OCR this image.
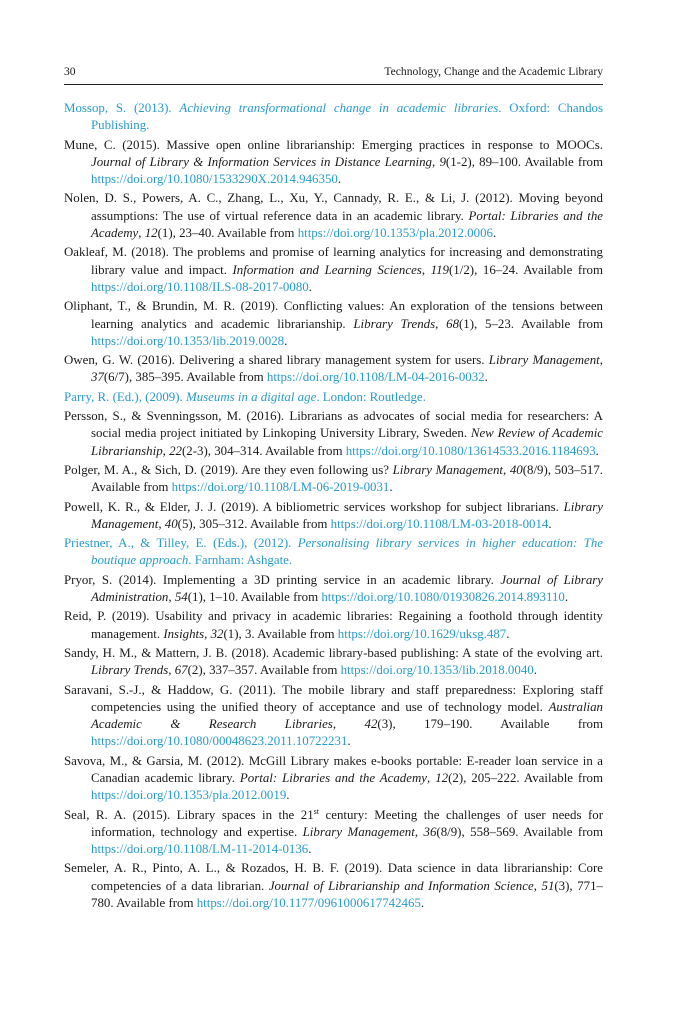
30	Technology, Change and the Academic Library

Mossop, S. (2013). Achieving transformational change in academic libraries. Oxford: Chandos Publishing.

Mune, C. (2015). Massive open online librarianship: Emerging practices in response to MOOCs. Journal of Library & Information Services in Distance Learning, 9(1-2), 89–100. Available from https://doi.org/10.1080/1533290X.2014.946350.

Nolen, D. S., Powers, A. C., Zhang, L., Xu, Y., Cannady, R. E., & Li, J. (2012). Moving beyond assumptions: The use of virtual reference data in an academic library. Portal: Libraries and the Academy, 12(1), 23–40. Available from https://doi.org/10.1353/pla.2012.0006.

Oakleaf, M. (2018). The problems and promise of learning analytics for increasing and demonstrating library value and impact. Information and Learning Sciences, 119(1/2), 16–24. Available from https://doi.org/10.1108/ILS-08-2017-0080.

Oliphant, T., & Brundin, M. R. (2019). Conflicting values: An exploration of the tensions between learning analytics and academic librarianship. Library Trends, 68(1), 5–23. Available from https://doi.org/10.1353/lib.2019.0028.

Owen, G. W. (2016). Delivering a shared library management system for users. Library Management, 37(6/7), 385–395. Available from https://doi.org/10.1108/LM-04-2016-0032.

Parry, R. (Ed.), (2009). Museums in a digital age. London: Routledge.

Persson, S., & Svenningsson, M. (2016). Librarians as advocates of social media for researchers: A social media project initiated by Linkoping University Library, Sweden. New Review of Academic Librarianship, 22(2-3), 304–314. Available from https://doi.org/10.1080/13614533.2016.1184693.

Polger, M. A., & Sich, D. (2019). Are they even following us? Library Management, 40(8/9), 503–517. Available from https://doi.org/10.1108/LM-06-2019-0031.

Powell, K. R., & Elder, J. J. (2019). A bibliometric services workshop for subject librarians. Library Management, 40(5), 305–312. Available from https://doi.org/10.1108/LM-03-2018-0014.

Priestner, A., & Tilley, E. (Eds.), (2012). Personalising library services in higher education: The boutique approach. Farnham: Ashgate.

Pryor, S. (2014). Implementing a 3D printing service in an academic library. Journal of Library Administration, 54(1), 1–10. Available from https://doi.org/10.1080/01930826.2014.893110.

Reid, P. (2019). Usability and privacy in academic libraries: Regaining a foothold through identity management. Insights, 32(1), 3. Available from https://doi.org/10.1629/uksg.487.

Sandy, H. M., & Mattern, J. B. (2018). Academic library-based publishing: A state of the evolving art. Library Trends, 67(2), 337–357. Available from https://doi.org/10.1353/lib.2018.0040.

Saravani, S.-J., & Haddow, G. (2011). The mobile library and staff preparedness: Exploring staff competencies using the unified theory of acceptance and use of technology model. Australian Academic & Research Libraries, 42(3), 179–190. Available from https://doi.org/10.1080/00048623.2011.10722231.

Savova, M., & Garsia, M. (2012). McGill Library makes e-books portable: E-reader loan service in a Canadian academic library. Portal: Libraries and the Academy, 12(2), 205–222. Available from https://doi.org/10.1353/pla.2012.0019.

Seal, R. A. (2015). Library spaces in the 21st century: Meeting the challenges of user needs for information, technology and expertise. Library Management, 36(8/9), 558–569. Available from https://doi.org/10.1108/LM-11-2014-0136.

Semeler, A. R., Pinto, A. L., & Rozados, H. B. F. (2019). Data science in data librarianship: Core competencies of a data librarian. Journal of Librarianship and Information Science, 51(3), 771–780. Available from https://doi.org/10.1177/0961000617742465.
